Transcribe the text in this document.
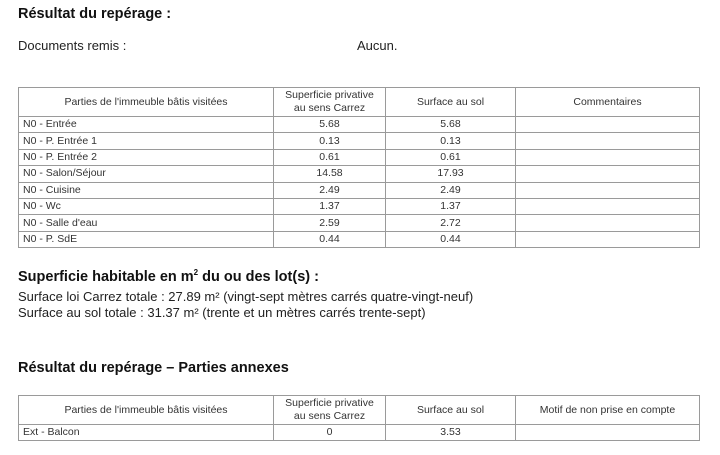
Résultat du repérage :
Documents remis :	Aucun.
Parties de l'immeuble bâtis visitées	Superficie privative
au sens Carrez	Surface au sol	Commentaires
N0 - Entrée	5.68	5.68	
N0 - P. Entrée 1	0.13	0.13	
N0 - P. Entrée 2	0.61	0.61	
N0 - Salon/Séjour	14.58	17.93	
N0 - Cuisine	2.49	2.49	
N0 - Wc	1.37	1.37	
N0 - Salle d'eau	2.59	2.72	
N0 - P. SdE	0.44	0.44	
Superficie habitable en $m^2$ du ou des lot(s) :

Surface loi Carrez totale : 27.89 m² (vingt-sept mètres carrés quatre-vingt-neuf)

Surface au sol totale : 31.37 m² (trente et un mètres carrés trente-sept)

Résultat du repérage – Parties annexes
Parties de l'immeuble bâtis visitées	Superficie privative
au sens Carrez	Surface au sol	Motif de non prise en compte
Ext - Balcon	0	3.53	
